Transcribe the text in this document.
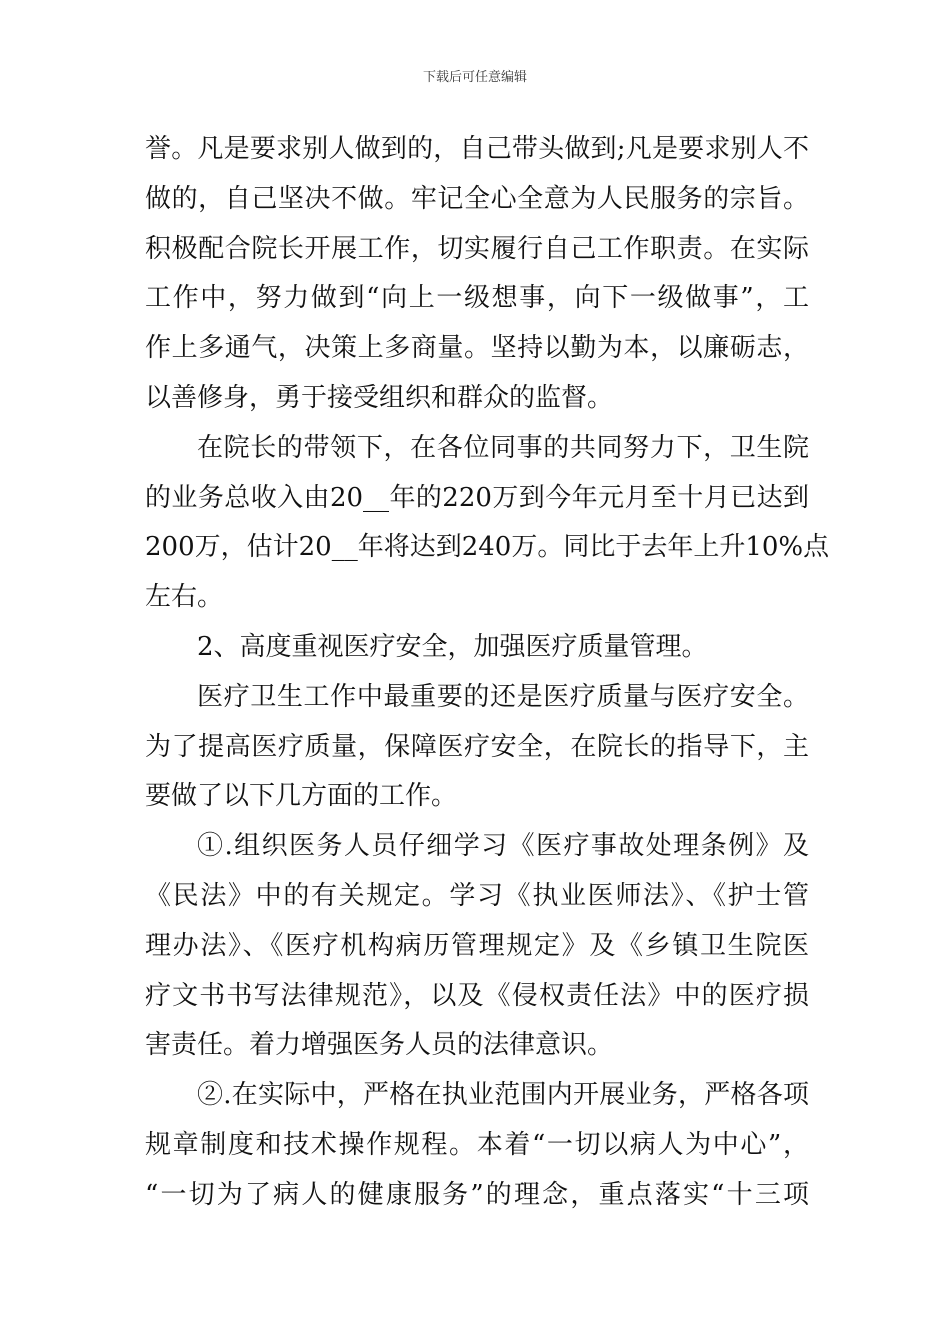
下载后可任意编辑
誉。凡是要求别人做到的，自己带头做到;凡是要求别人不
做的，自己坚决不做。牢记全心全意为人民服务的宗旨。
积极配合院长开展工作，切实履行自己工作职责。在实际
工作中，努力做到“向上一级想事，向下一级做事”，工
作上多通气，决策上多商量。坚持以勤为本，以廉砺志，
以善修身，勇于接受组织和群众的监督。
在院长的带领下，在各位同事的共同努力下，卫生院
的业务总收入由20__年的220万到今年元月至十月已达到
200万，估计20__年将达到240万。同比于去年上升10%点
左右。
2、高度重视医疗安全，加强医疗质量管理。
医疗卫生工作中最重要的还是医疗质量与医疗安全。
为了提高医疗质量，保障医疗安全，在院长的指导下，主
要做了以下几方面的工作。
①.组织医务人员仔细学习《医疗事故处理条例》及
《民法》中的有关规定。学习《执业医师法》、《护士管
理办法》、《医疗机构病历管理规定》及《乡镇卫生院医
疗文书书写法律规范》，以及《侵权责任法》中的医疗损
害责任。着力增强医务人员的法律意识。
②.在实际中，严格在执业范围内开展业务，严格各项
规章制度和技术操作规程。本着“一切以病人为中心”，
“一切为了病人的健康服务”的理念，重点落实“十三项
